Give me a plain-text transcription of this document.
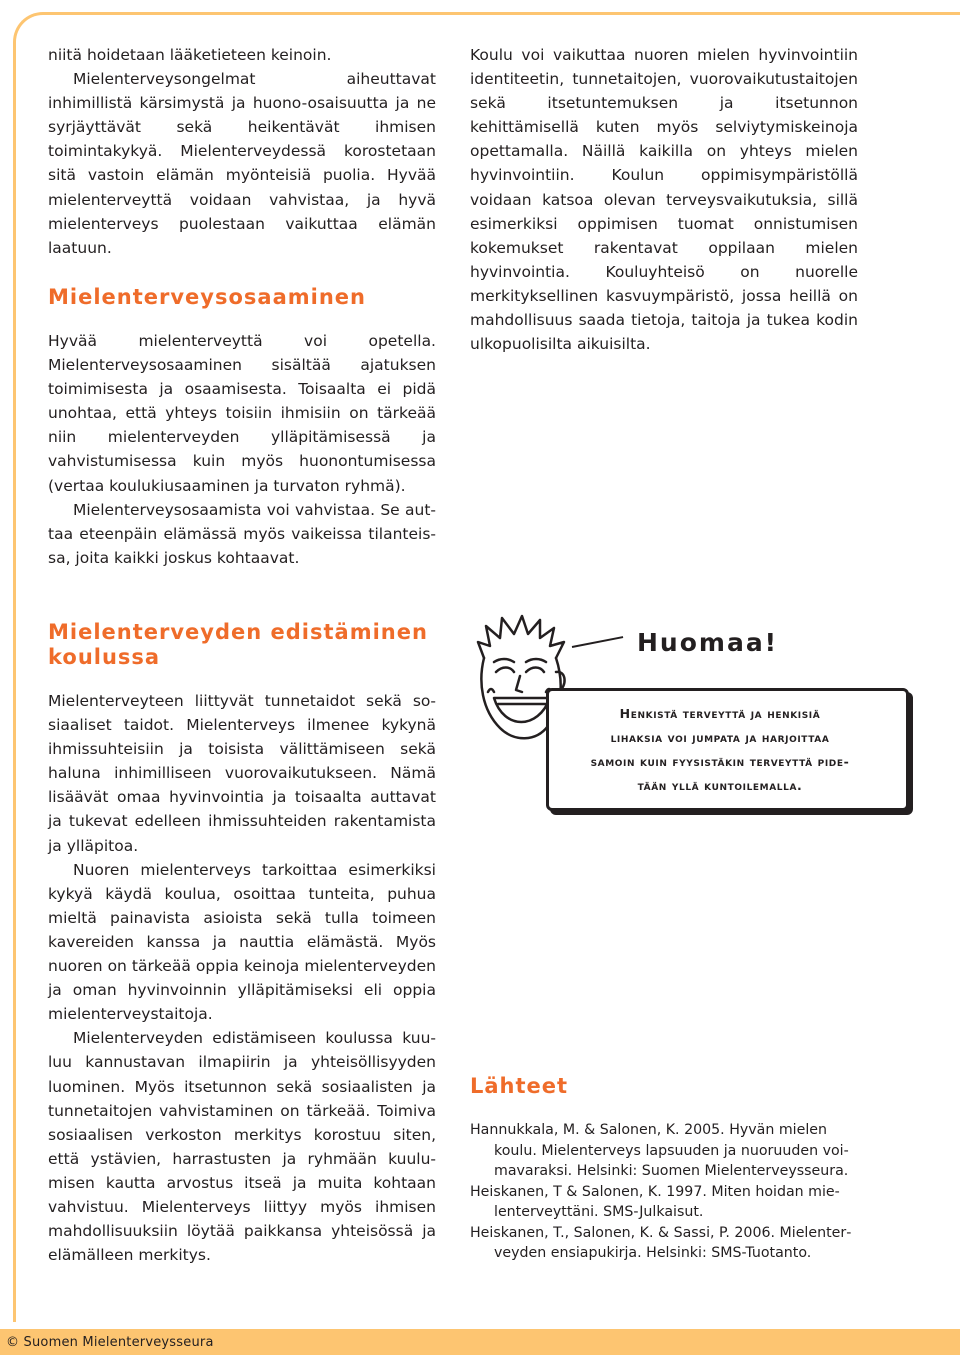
niitä hoidetaan lääketieteen keinoin.

Mielenterveysongelmat aiheuttavat inhimillistä kärsimystä ja huono-osaisuutta ja ne syrjäyttävät sekä heikentävät ihmisen toimintakykyä. Mielenterveydessä korostetaan sitä vastoin elämän myönteisiä puolia. Hyvää mielenterveyttä voidaan vahvistaa, ja hyvä mielenterveys puolestaan vaikuttaa elämän laatuun.

Mielenterveysosaaminen

Hyvää mielenterveyttä voi opetella. Mielenterveysosaaminen sisältää ajatuksen toimimisesta ja osaamisesta. Toisaalta ei pidä unohtaa, että yhteys toisiin ihmisiin on tärkeää niin mielenterveyden ylläpitämisessä ja vahvistumisessa kuin myös huonontumisessa (vertaa koulukiusaaminen ja turvaton ryhmä).

Mielenterveysosaamista voi vahvistaa. Se auttaa eteenpäin elämässä myös vaikeissa tilanteissa, joita kaikki joskus kohtaavat.

Koulu voi vaikuttaa nuoren mielen hyvinvointiin identiteetin, tunnetaitojen, vuorovaikutustaitojen sekä itsetuntemuksen ja itsetunnon kehittämisellä kuten myös selviytymiskeinoja opettamalla. Näillä kaikilla on yhteys mielen hyvinvointiin. Koulun oppimisympäristöllä voidaan katsoa olevan terveysvaikutuksia, sillä esimerkiksi oppimisen tuomat onnistumisen kokemukset rakentavat oppilaan mielen hyvinvointia. Kouluyhteisö on nuorelle merkityksellinen kasvuympäristö, jossa heillä on mahdollisuus saada tietoja, taitoja ja tukea kodin ulkopuolisilta aikuisilta.

Mielenterveyden edistäminen
koulussa

Mielenterveyteen liittyvät tunnetaidot sekä sosiaaliset taidot. Mielenterveys ilmenee kykynä ihmissuhteisiin ja toisista välittämiseen sekä haluna inhimilliseen vuorovaikutukseen. Nämä lisäävät omaa hyvinvointia ja toisaalta auttavat ja tukevat edelleen ihmissuhteiden rakentamista ja ylläpitoa.

Nuoren mielenterveys tarkoittaa esimerkiksi kykyä käydä koulua, osoittaa tunteita, puhua mieltä painavista asioista sekä tulla toimeen kavereiden kanssa ja nauttia elämästä. Myös nuoren on tärkeää oppia keinoja mielenterveyden ja oman hyvinvoinnin ylläpitämiseksi eli oppia mielenterveystaitoja.

Mielenterveyden edistämiseen koulussa kuuluu kannustavan ilmapiirin ja yhteisöllisyyden luominen. Myös itsetunnon sekä sosiaalisten ja tunnetaitojen vahvistaminen on tärkeää. Toimiva sosiaalisen verkoston merkitys korostuu siten, että ystävien, harrastusten ja ryhmään kuulumisen kautta arvostus itseä ja muita kohtaan vahvistuu. Mielenterveys liittyy myös ihmisen mahdollisuuksiin löytää paikkansa yhteisössä ja elämälleen merkitys.

Huomaa!
Henkistä terveyttä ja henkisiä
lihaksia voi jumpata ja harjoittaa
samoin kuin fyysistäkin terveyttä pide-
tään yllä kuntoilemalla.
Lähteet

Hannukkala, M. & Salonen, K. 2005. Hyvän mielen koulu. Mielenterveys lapsuuden ja nuoruuden voimavaraksi. Helsinki: Suomen Mielenterveysseura.

Heiskanen, T & Salonen, K. 1997. Miten hoidan mielenterveyttäni. SMS-Julkaisut.

Heiskanen, T., Salonen, K. & Sassi, P. 2006. Mielenterveyden ensiapukirja. Helsinki: SMS-Tuotanto.

© Suomen Mielenterveysseura
